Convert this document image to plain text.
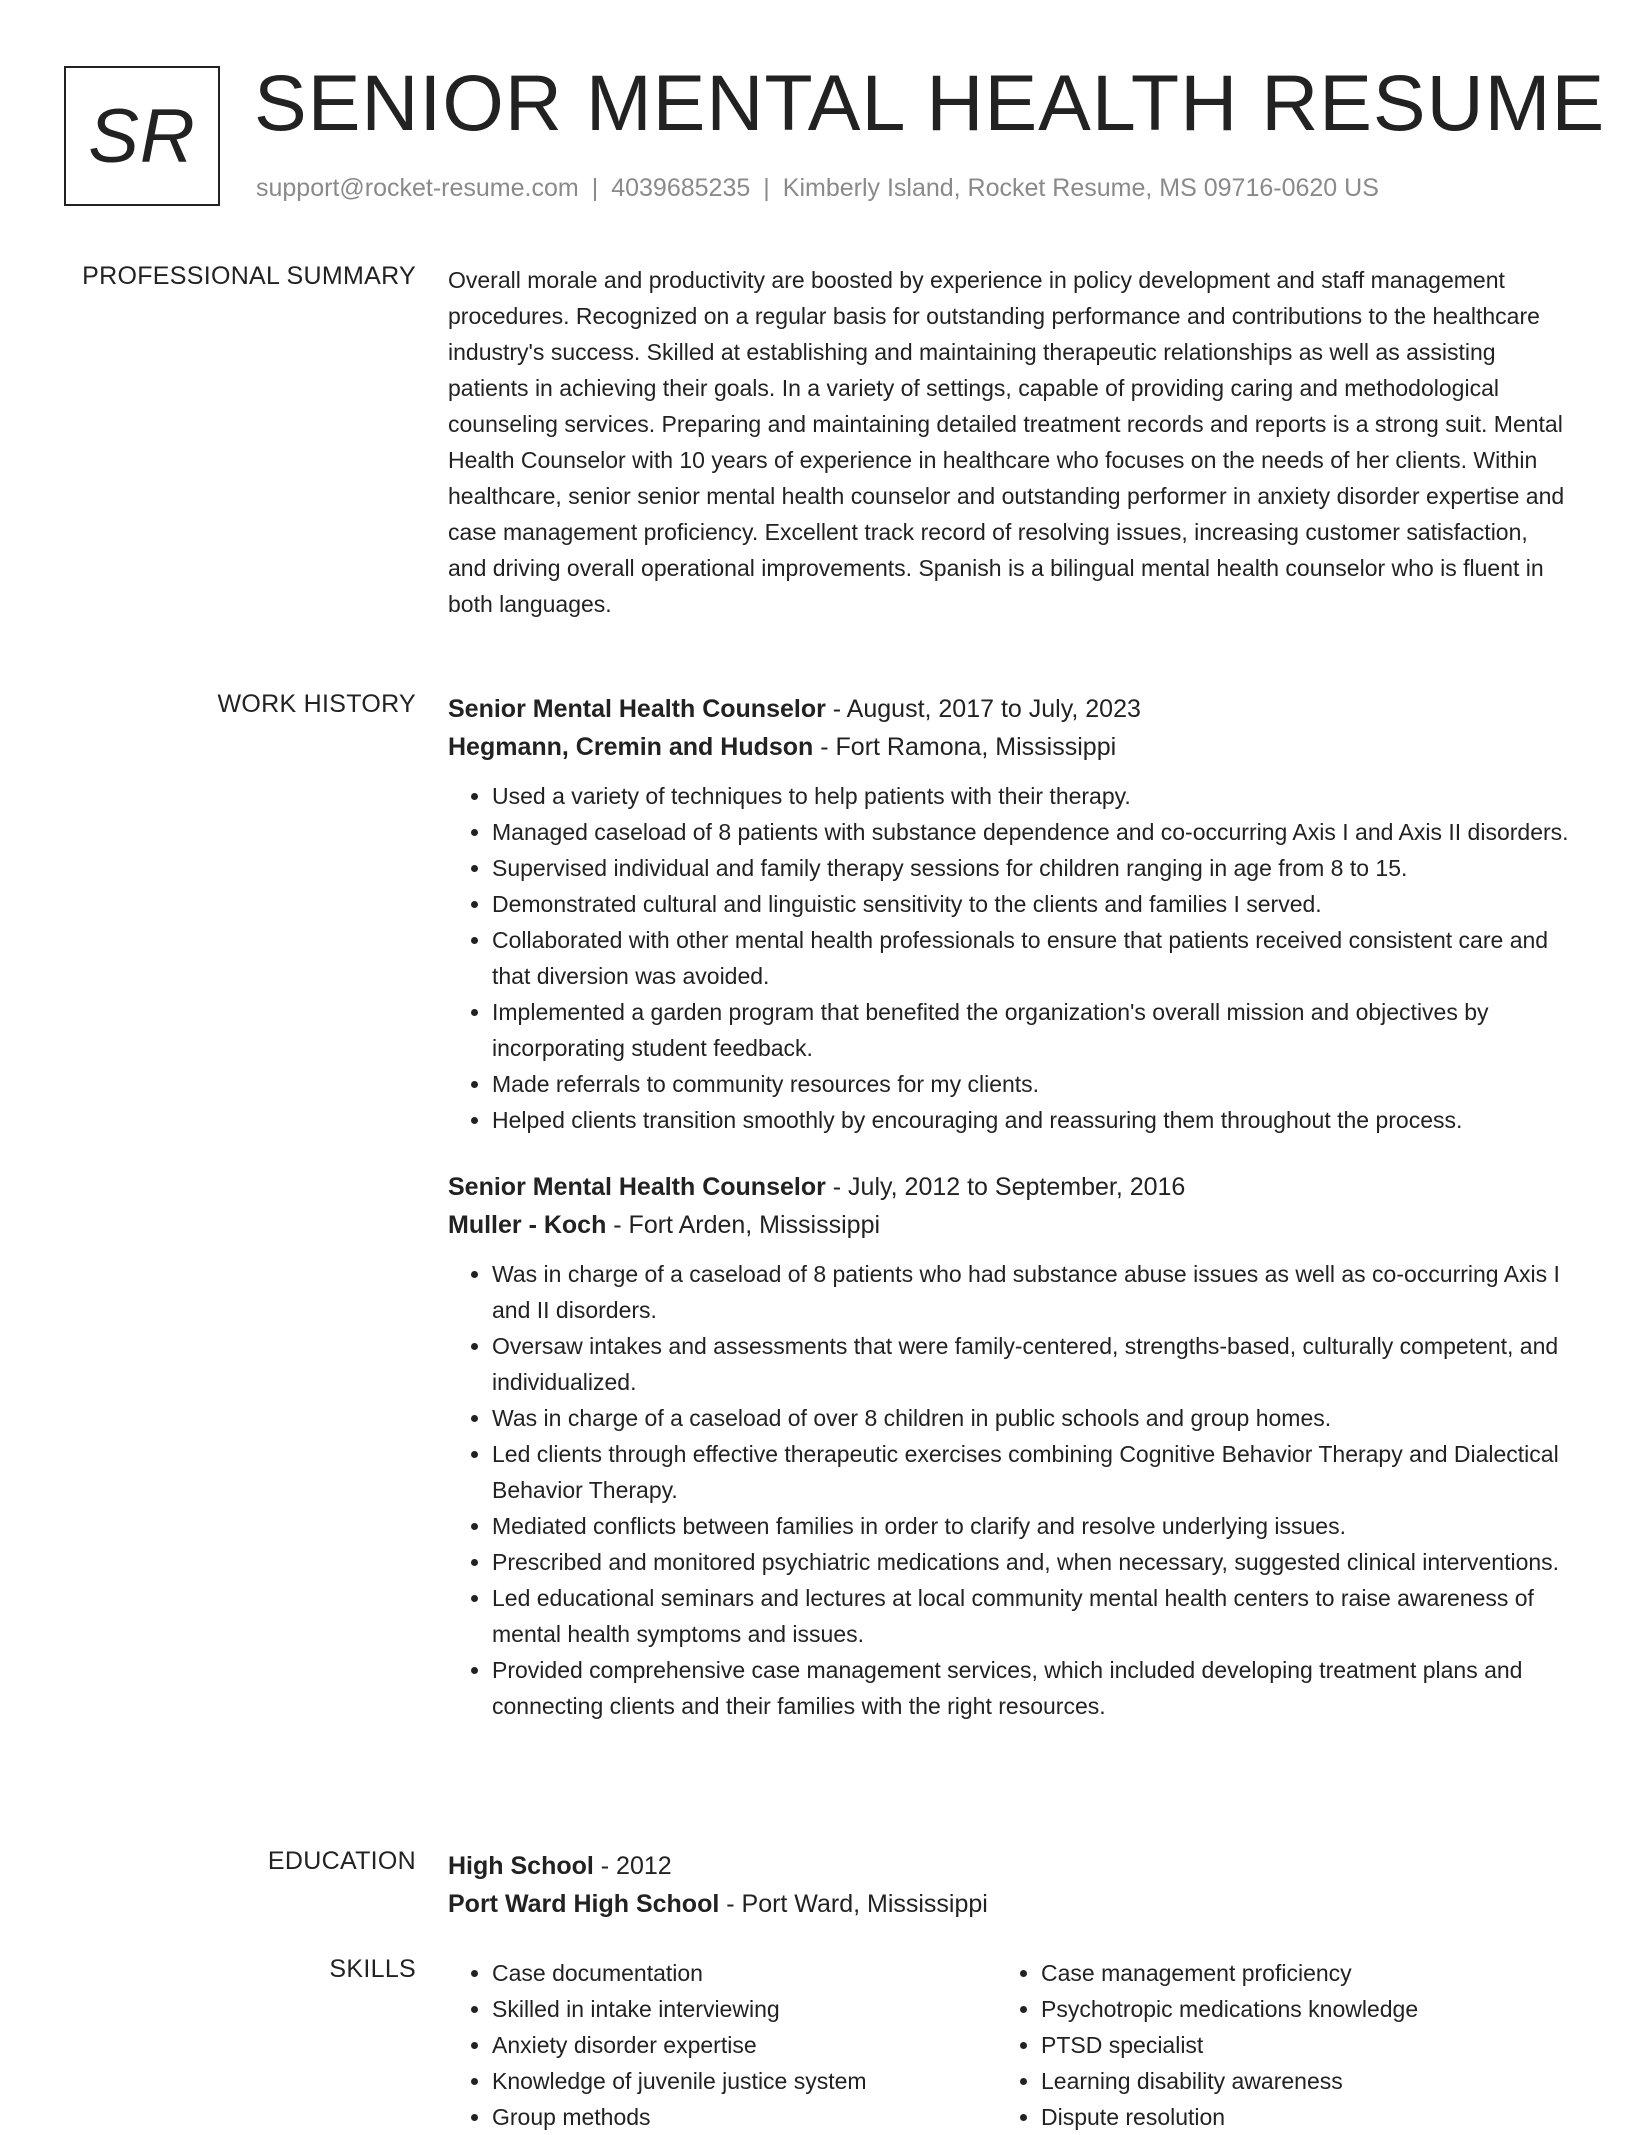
SR SENIOR MENTAL HEALTH RESUME
support@rocket-resume.com | 4039685235 | Kimberly Island, Rocket Resume, MS 09716-0620 US
PROFESSIONAL SUMMARY Overall morale and productivity are boosted by experience in policy development and staff management procedures. Recognized on a regular basis for outstanding performance and contributions to the healthcare industry's success. Skilled at establishing and maintaining therapeutic relationships as well as assisting patients in achieving their goals. In a variety of settings, capable of providing caring and methodological counseling services. Preparing and maintaining detailed treatment records and reports is a strong suit. Mental Health Counselor with 10 years of experience in healthcare who focuses on the needs of her clients. Within healthcare, senior senior mental health counselor and outstanding performer in anxiety disorder expertise and case management proficiency. Excellent track record of resolving issues, increasing customer satisfaction, and driving overall operational improvements. Spanish is a bilingual mental health counselor who is fluent in both languages.

WORK HISTORY Senior Mental Health Counselor - August, 2017 to July, 2023
Hegmann, Cremin and Hudson - Fort Ramona, Mississippi
• Used a variety of techniques to help patients with their therapy.
• Managed caseload of 8 patients with substance dependence and co-occurring Axis I and Axis II disorders.
• Supervised individual and family therapy sessions for children ranging in age from 8 to 15.
• Demonstrated cultural and linguistic sensitivity to the clients and families I served.
• Collaborated with other mental health professionals to ensure that patients received consistent care and that diversion was avoided.
• Implemented a garden program that benefited the organization's overall mission and objectives by incorporating student feedback.
• Made referrals to community resources for my clients.
• Helped clients transition smoothly by encouraging and reassuring them throughout the process.
Senior Mental Health Counselor - July, 2012 to September, 2016
Muller - Koch - Fort Arden, Mississippi
• Was in charge of a caseload of 8 patients who had substance abuse issues as well as co-occurring Axis I and II disorders.
• Oversaw intakes and assessments that were family-centered, strengths-based, culturally competent, and individualized.
• Was in charge of a caseload of over 8 children in public schools and group homes.
• Led clients through effective therapeutic exercises combining Cognitive Behavior Therapy and Dialectical Behavior Therapy.
• Mediated conflicts between families in order to clarify and resolve underlying issues.
• Prescribed and monitored psychiatric medications and, when necessary, suggested clinical interventions.
• Led educational seminars and lectures at local community mental health centers to raise awareness of mental health symptoms and issues.
• Provided comprehensive case management services, which included developing treatment plans and connecting clients and their families with the right resources.
EDUCATION High School - 2012
Port Ward High School - Port Ward, Mississippi
SKILLS
•	Case documentation
• Skilled in intake interviewing
• Anxiety disorder expertise
• Knowledge of juvenile justice system
• Group methods
• Case management proficiency
• Psychotropic medications knowledge
• PTSD specialist
• Learning disability awareness
• Dispute resolution
